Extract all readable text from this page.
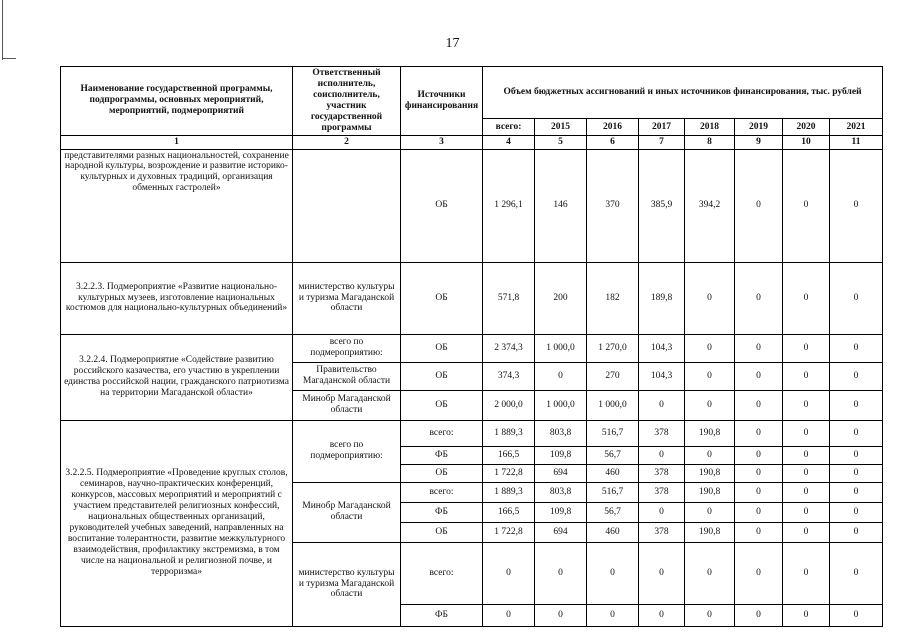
17
Наименование государственной программы, подпрограммы, основных мероприятий, мероприятий, подмероприятий	Ответственный исполнитель, соисполнитель, участник государственной программы	Источники финансирования	Объем бюджетных ассигнований и иных источников финансирования, тыс. рублей							
			всего:	2015	2016	2017	2018	2019	2020	2021
1	2	3	4	5	6	7	8	9	10	11
представителями разных национальностей, сохранение народной культуры, возрождение и развитие историко-культурных и духовных традиций, организация обменных гастролей»		ОБ	1 296,1	146	370	385,9	394,2	0	0	0
3.2.2.3. Подмероприятие «Развитие национально-культурных музеев, изготовление национальных костюмов для национально-культурных объединений»	министерство культуры и туризма Магаданской области	ОБ	571,8	200	182	189,8	0	0	0	0
3.2.2.4. Подмероприятие «Содействие развитию российского казачества, его участию в укреплении единства российской нации, гражданского патриотизма на территории Магаданской области»	всего по подмероприятию:	ОБ	2 374,3	1 000,0	1 270,0	104,3	0	0	0	0
	Правительство Магаданской области	ОБ	374,3	0	270	104,3	0	0	0	0
	Минобр Магаданской области	ОБ	2 000,0	1 000,0	1 000,0	0	0	0	0	0
3.2.2.5. Подмероприятие «Проведение круглых столов, семинаров, научно-практических конференций, конкурсов, массовых мероприятий и мероприятий с участием представителей религиозных конфессий, национальных общественных организаций, руководителей учебных заведений, направленных на воспитание толерантности, развитие межкультурного взаимодействия, профилактику экстремизма, в том числе на национальной и религиозной почве, и терроризма»	всего по подмероприятию:	всего:	1 889,3	803,8	516,7	378	190,8	0	0	0
		ФБ	166,5	109,8	56,7	0	0	0	0	0
		ОБ	1 722,8	694	460	378	190,8	0	0	0
	Минобр Магаданской области	всего:	1 889,3	803,8	516,7	378	190,8	0	0	0
		ФБ	166,5	109,8	56,7	0	0	0	0	0
		ОБ	1 722,8	694	460	378	190,8	0	0	0
	министерство культуры и туризма Магаданской области	всего:	0	0	0	0	0	0	0	0
		ФБ	0	0	0	0	0	0	0	0
